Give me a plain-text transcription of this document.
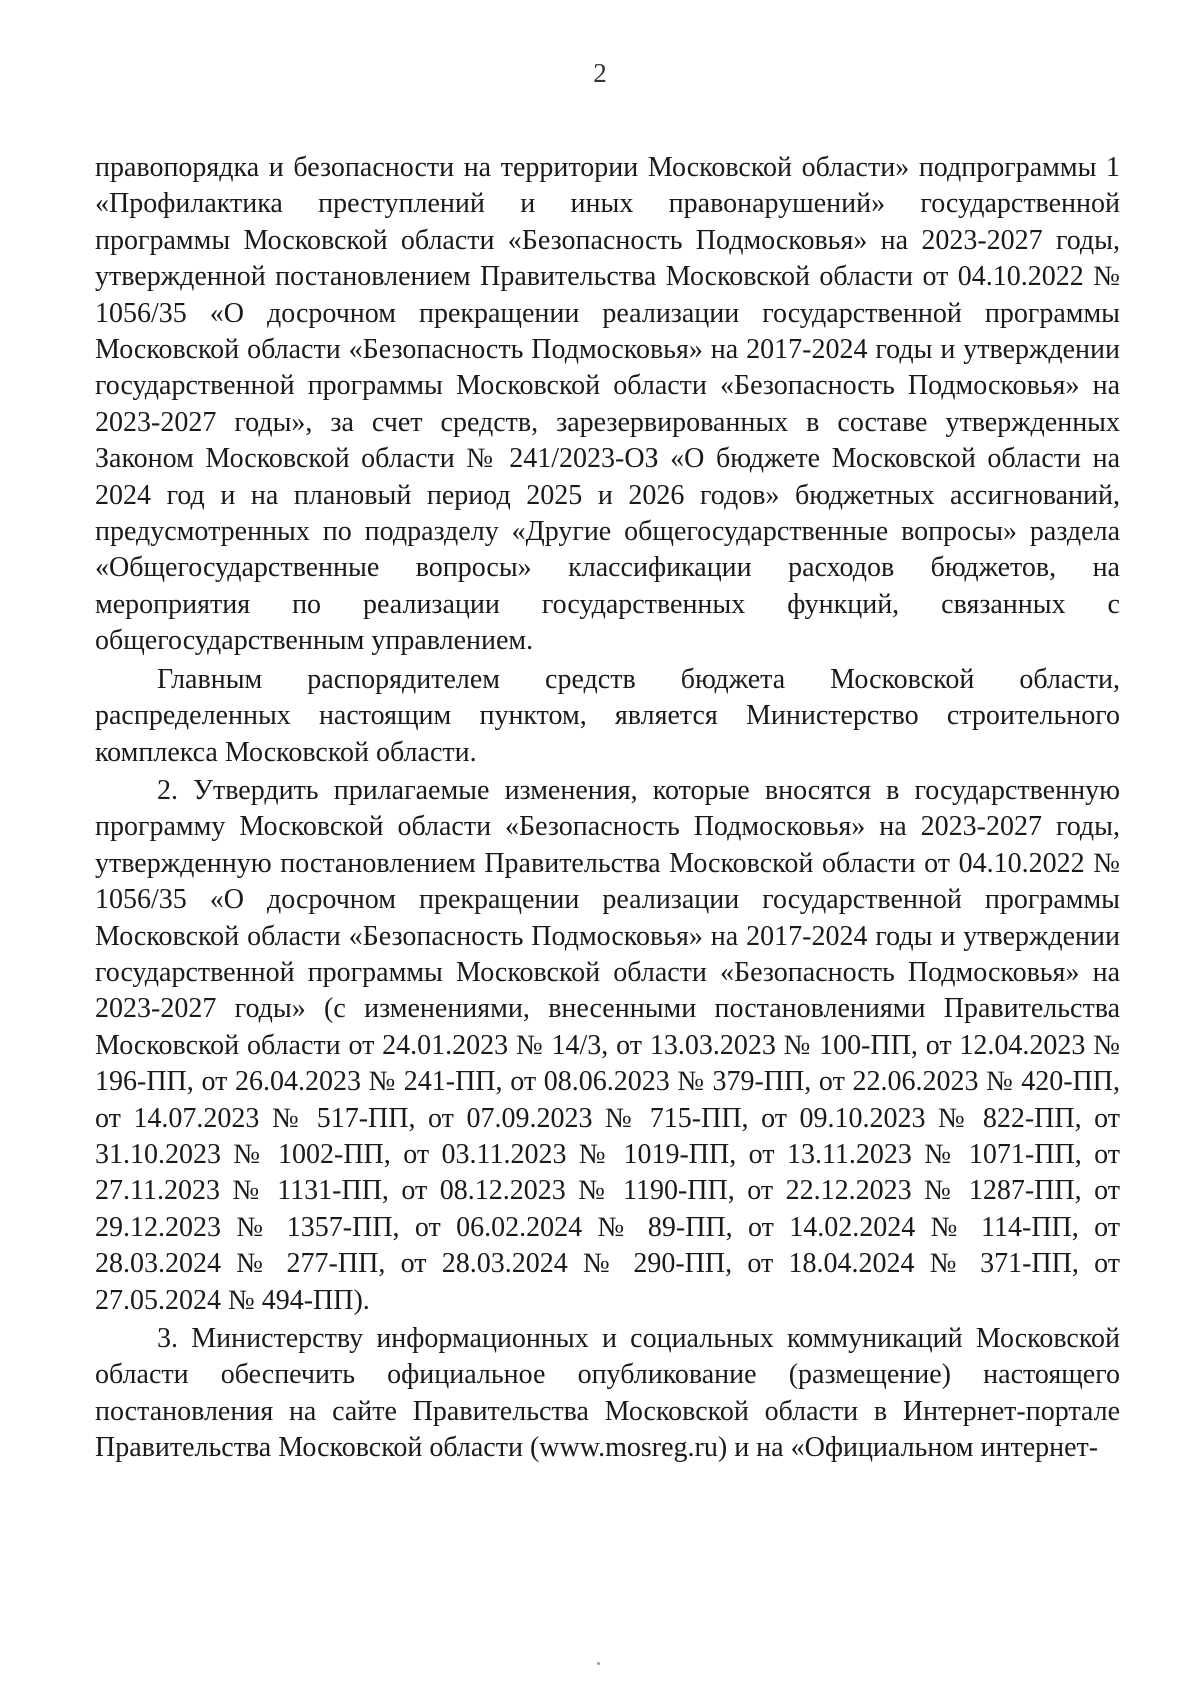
2

правопорядка и безопасности на территории Московской области» подпрограммы 1 «Профилактика преступлений и иных правонарушений» государственной программы Московской области «Безопасность Подмосковья» на 2023-2027 годы, утвержденной постановлением Правительства Московской области от 04.10.2022 № 1056/35 «О досрочном прекращении реализации государственной программы Московской области «Безопасность Подмосковья» на 2017-2024 годы и утверждении государственной программы Московской области «Безопасность Подмосковья» на 2023-2027 годы», за счет средств, зарезервированных в составе утвержденных Законом Московской области № 241/2023-ОЗ «О бюджете Московской области на 2024 год и на плановый период 2025 и 2026 годов» бюджетных ассигнований, предусмотренных по подразделу «Другие общегосударственные вопросы» раздела «Общегосударственные вопросы» классификации расходов бюджетов, на мероприятия по реализации государственных функций, связанных с общегосударственным управлением.

Главным распорядителем средств бюджета Московской области, распределенных настоящим пунктом, является Министерство строительного комплекса Московской области.

2. Утвердить прилагаемые изменения, которые вносятся в государственную программу Московской области «Безопасность Подмосковья» на 2023-2027 годы, утвержденную постановлением Правительства Московской области от 04.10.2022 № 1056/35 «О досрочном прекращении реализации государственной программы Московской области «Безопасность Подмосковья» на 2017-2024 годы и утверждении государственной программы Московской области «Безопасность Подмосковья» на 2023-2027 годы» (с изменениями, внесенными постановлениями Правительства Московской области от 24.01.2023 № 14/3, от 13.03.2023 № 100-ПП, от 12.04.2023 № 196-ПП, от 26.04.2023 № 241-ПП, от 08.06.2023 № 379-ПП, от 22.06.2023 № 420-ПП, от 14.07.2023 № 517-ПП, от 07.09.2023 № 715-ПП, от 09.10.2023 № 822-ПП, от 31.10.2023 № 1002-ПП, от 03.11.2023 № 1019-ПП, от 13.11.2023 № 1071-ПП, от 27.11.2023 № 1131-ПП, от 08.12.2023 № 1190-ПП, от 22.12.2023 № 1287-ПП, от 29.12.2023 № 1357-ПП, от 06.02.2024 № 89-ПП, от 14.02.2024 № 114-ПП, от 28.03.2024 № 277-ПП, от 28.03.2024 № 290-ПП, от 18.04.2024 № 371-ПП, от 27.05.2024 № 494-ПП).

3. Министерству информационных и социальных коммуникаций Московской области обеспечить официальное опубликование (размещение) настоящего постановления на сайте Правительства Московской области в Интернет-портале Правительства Московской области (www.mosreg.ru) и на «Официальном интернет-
